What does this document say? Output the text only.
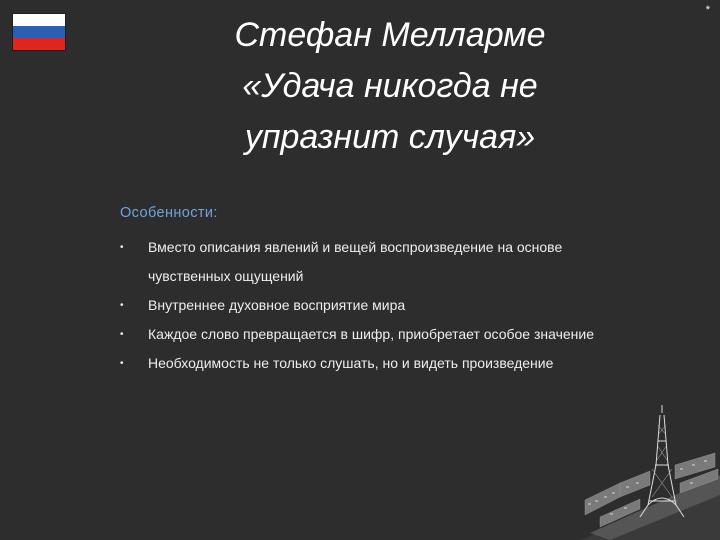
*
Стефан Мелларме
«Удача никогда не
упразнит случая»
Особенности:
• Вместо описания явлений и вещей воспроизведение на основе чувственных ощущений
• Внутреннее духовное восприятие мира
• Каждое слово превращается в шифр, приобретает особое значение
• Необходимость не только слушать, но и видеть произведение
